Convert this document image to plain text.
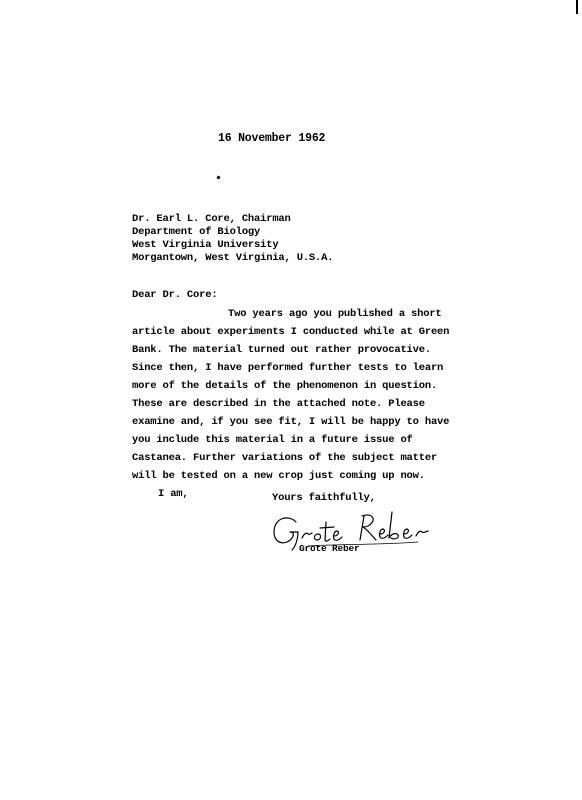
16 November 1962
Dr. Earl L. Core, Chairman
Department of Biology
West Virginia University
Morgantown, West Virginia, U.S.A.
Dear Dr. Core:
Two years ago you published a short
article about experiments I conducted while at Green
Bank. The material turned out rather provocative.
Since then, I have performed further tests to learn
more of the details of the phenomenon in question.
These are described in the attached note. Please
examine and, if you see fit, I will be happy to have
you include this material in a future issue of
Castanea. Further variations of the subject matter
will be tested on a new crop just coming up now.
I am,	Yours faithfully,
Grote Reber
